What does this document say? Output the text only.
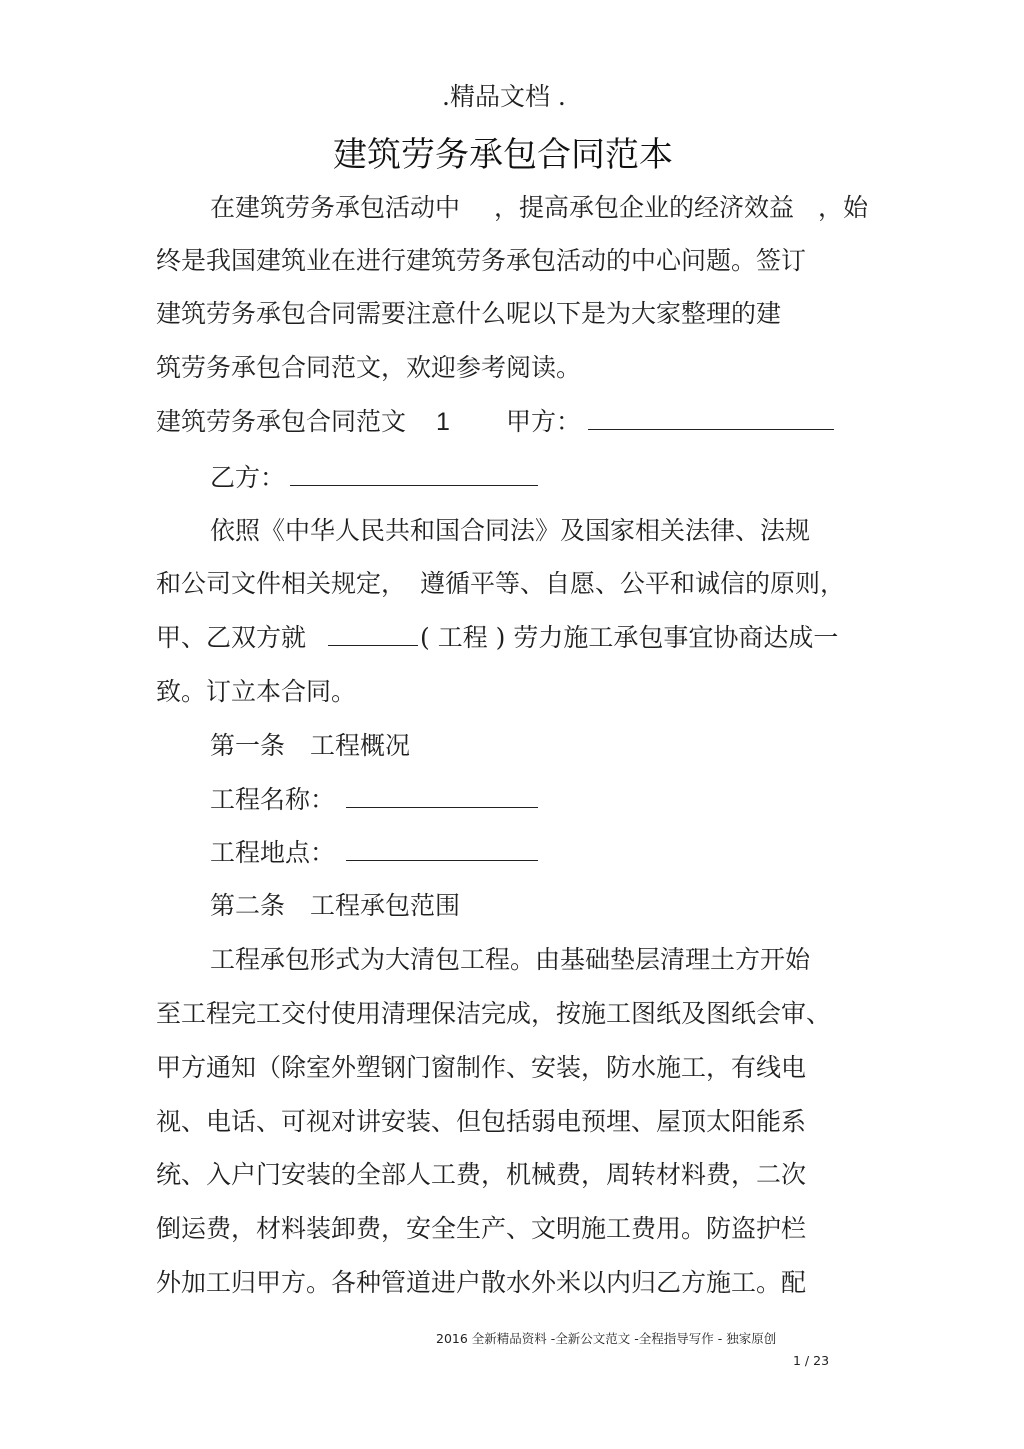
.精品文档 .
建筑劳务承包合同范本
在建筑劳务承包活动中 ，提高承包企业的经济效益 ，始
终是我国建筑业在进行建筑劳务承包活动的中心问题。签订
建筑劳务承包合同需要注意什么呢以下是为大家整理的建
筑劳务承包合同范文，欢迎参考阅读。
建筑劳务承包合同范文 1 甲方：
乙方：
依照《中华人民共和国合同法》及国家相关法律、法规
和公司文件相关规定， 遵循平等、自愿、公平和诚信的原则，
甲、乙双方就	( 工程 ) 劳力施工承包事宜协商达成一
致。订立本合同。
第一条　工程概况
工程名称：
工程地点：
第二条　工程承包范围
工程承包形式为大清包工程。由基础垫层清理土方开始
至工程完工交付使用清理保洁完成，按施工图纸及图纸会审、
甲方通知（除室外塑钢门窗制作、安装，防水施工，有线电
视、电话、可视对讲安装、但包括弱电预埋、屋顶太阳能系
统、入户门安装的全部人工费，机械费，周转材料费，二次
倒运费，材料装卸费，安全生产、文明施工费用。防盗护栏
外加工归甲方。各种管道进户散水外米以内归乙方施工。配
2016 全新精品资料 -全新公文范文 -全程指导写作 - 独家原创
1 / 23
